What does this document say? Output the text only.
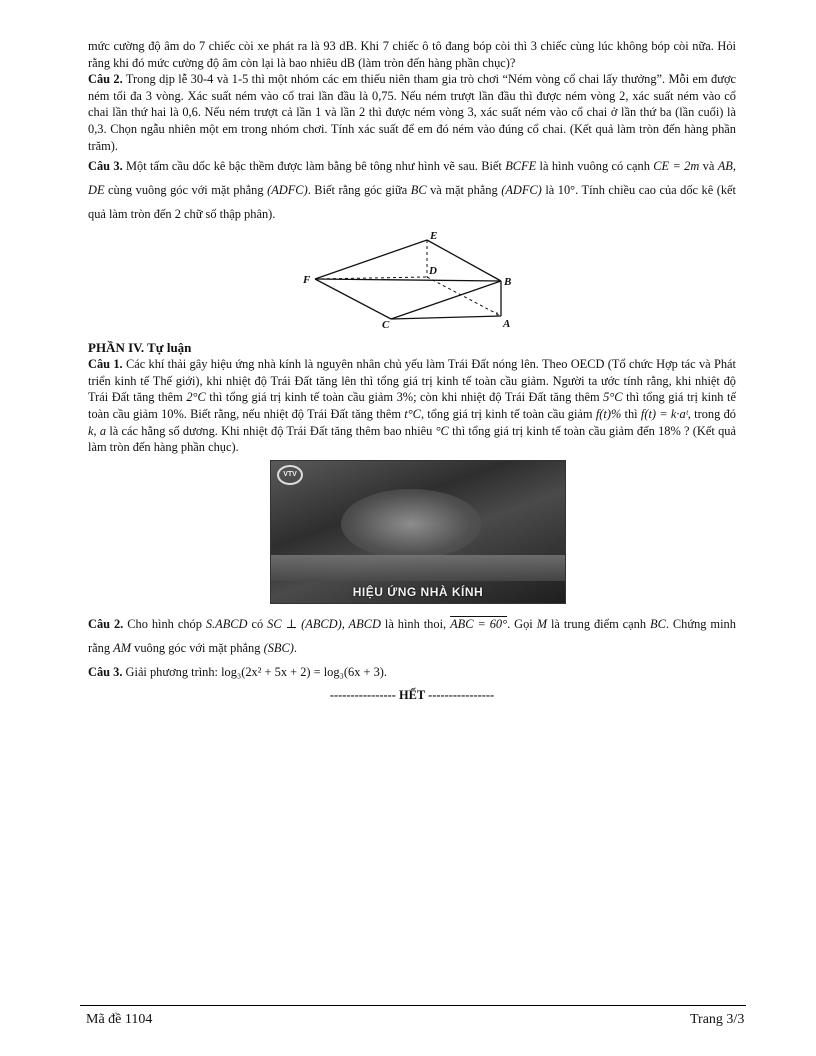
mức cường độ âm do 7 chiếc còi xe phát ra là 93 dB. Khi 7 chiếc ô tô đang bóp còi thì 3 chiếc cùng lúc không bóp còi nữa. Hỏi rằng khi đó mức cường độ âm còn lại là bao nhiêu dB (làm tròn đến hàng phần chục)?

Câu 2. Trong dịp lễ 30-4 và 1-5 thì một nhóm các em thiếu niên tham gia trò chơi “Ném vòng cổ chai lấy thưởng”. Mỗi em được ném tối đa 3 vòng. Xác suất ném vào cổ trai lần đầu là 0,75. Nếu ném trượt lần đầu thì được ném vòng 2, xác suất ném vào cổ chai lần thứ hai là 0,6. Nếu ném trượt cả lần 1 và lần 2 thì được ném vòng 3, xác suất ném vào cổ chai ở lần thứ ba (lần cuối) là 0,3. Chọn ngẫu nhiên một em trong nhóm chơi. Tính xác suất để em đó ném vào đúng cổ chai. (Kết quả làm tròn đến hàng phần trăm).

Câu 3. Một tấm cầu dốc kê bậc thềm được làm bằng bê tông như hình vẽ sau. Biết BCFE là hình vuông có cạnh CE = 2m và AB, DE cùng vuông góc với mặt phẳng (ADFC). Biết rằng góc giữa BC và mặt phẳng (ADFC) là 10°. Tính chiều cao của dốc kê (kết quả làm tròn đến 2 chữ số thập phân).

E
D
F	B
C	A
PHẦN IV. Tự luận

Câu 1. Các khí thải gây hiệu ứng nhà kính là nguyên nhân chủ yếu làm Trái Đất nóng lên. Theo OECD (Tổ chức Hợp tác và Phát triển kinh tế Thế giới), khi nhiệt độ Trái Đất tăng lên thì tổng giá trị kinh tế toàn cầu giảm. Người ta ước tính rằng, khi nhiệt độ Trái Đất tăng thêm 2°C thì tổng giá trị kinh tế toàn cầu giảm 3%; còn khi nhiệt độ Trái Đất tăng thêm 5°C thì tổng giá trị kinh tế toàn cầu giảm 10%. Biết rằng, nếu nhiệt độ Trái Đất tăng thêm t°C, tổng giá trị kinh tế toàn cầu giảm f(t)% thì f(t) = k·aᵗ, trong đó k, a là các hằng số dương. Khi nhiệt độ Trái Đất tăng thêm bao nhiêu °C thì tổng giá trị kinh tế toàn cầu giảm đến 18% ? (Kết quả làm tròn đến hàng phần chục).

VTV
HIỆU ỨNG NHÀ KÍNH

Câu 2. Cho hình chóp S.ABCD có SC ⊥ (ABCD), ABCD là hình thoi, ABC = 60°. Gọi M là trung điểm cạnh BC. Chứng minh rằng AM vuông góc với mặt phẳng (SBC).

Câu 3. Giải phương trình: log₃(2x² + 5x + 2) = log₃(6x + 3).

---------------- HẾT ----------------
Mã đề 1104	Trang 3/3
